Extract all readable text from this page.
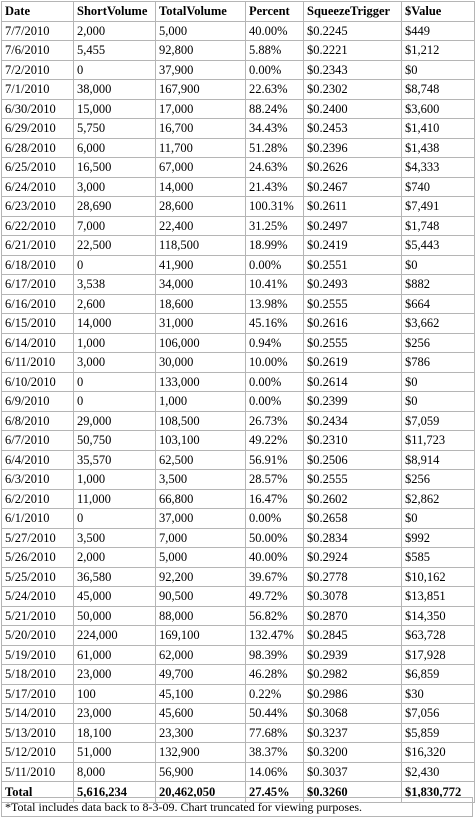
Date	ShortVolume	TotalVolume	Percent	SqueezeTrigger	$Value
7/7/2010	2,000	5,000	40.00%	$0.2245	$449
7/6/2010	5,455	92,800	5.88%	$0.2221	$1,212
7/2/2010	0	37,900	0.00%	$0.2343	$0
7/1/2010	38,000	167,900	22.63%	$0.2302	$8,748
6/30/2010	15,000	17,000	88.24%	$0.2400	$3,600
6/29/2010	5,750	16,700	34.43%	$0.2453	$1,410
6/28/2010	6,000	11,700	51.28%	$0.2396	$1,438
6/25/2010	16,500	67,000	24.63%	$0.2626	$4,333
6/24/2010	3,000	14,000	21.43%	$0.2467	$740
6/23/2010	28,690	28,600	100.31%	$0.2611	$7,491
6/22/2010	7,000	22,400	31.25%	$0.2497	$1,748
6/21/2010	22,500	118,500	18.99%	$0.2419	$5,443
6/18/2010	0	41,900	0.00%	$0.2551	$0
6/17/2010	3,538	34,000	10.41%	$0.2493	$882
6/16/2010	2,600	18,600	13.98%	$0.2555	$664
6/15/2010	14,000	31,000	45.16%	$0.2616	$3,662
6/14/2010	1,000	106,000	0.94%	$0.2555	$256
6/11/2010	3,000	30,000	10.00%	$0.2619	$786
6/10/2010	0	133,000	0.00%	$0.2614	$0
6/9/2010	0	1,000	0.00%	$0.2399	$0
6/8/2010	29,000	108,500	26.73%	$0.2434	$7,059
6/7/2010	50,750	103,100	49.22%	$0.2310	$11,723
6/4/2010	35,570	62,500	56.91%	$0.2506	$8,914
6/3/2010	1,000	3,500	28.57%	$0.2555	$256
6/2/2010	11,000	66,800	16.47%	$0.2602	$2,862
6/1/2010	0	37,000	0.00%	$0.2658	$0
5/27/2010	3,500	7,000	50.00%	$0.2834	$992
5/26/2010	2,000	5,000	40.00%	$0.2924	$585
5/25/2010	36,580	92,200	39.67%	$0.2778	$10,162
5/24/2010	45,000	90,500	49.72%	$0.3078	$13,851
5/21/2010	50,000	88,000	56.82%	$0.2870	$14,350
5/20/2010	224,000	169,100	132.47%	$0.2845	$63,728
5/19/2010	61,000	62,000	98.39%	$0.2939	$17,928
5/18/2010	23,000	49,700	46.28%	$0.2982	$6,859
5/17/2010	100	45,100	0.22%	$0.2986	$30
5/14/2010	23,000	45,600	50.44%	$0.3068	$7,056
5/13/2010	18,100	23,300	77.68%	$0.3237	$5,859
5/12/2010	51,000	132,900	38.37%	$0.3200	$16,320
5/11/2010	8,000	56,900	14.06%	$0.3037	$2,430
Total	5,616,234	20,462,050	27.45%	$0.3260	$1,830,772
*Total includes data back to 8-3-09. Chart truncated for viewing purposes.
